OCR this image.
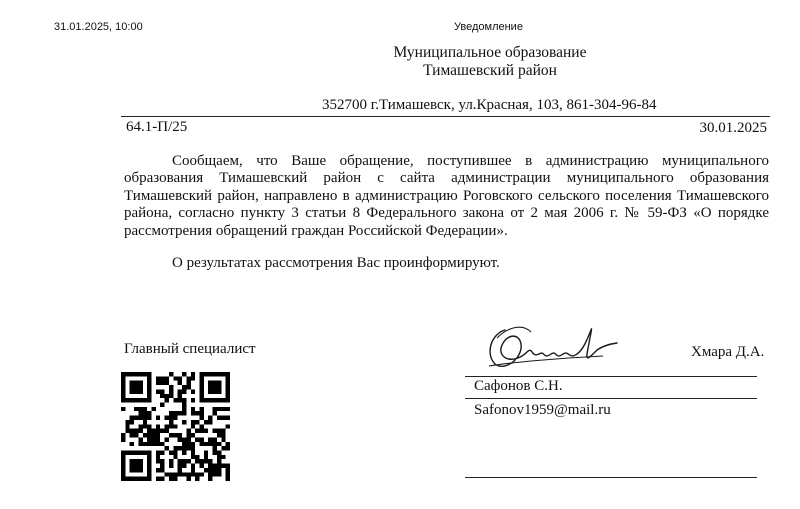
31.01.2025, 10:00	Уведомление
Муниципальное образование
Тимашевский район
352700 г.Тимашевск, ул.Красная, 103, 861-304-96-84
64.1-П/25	30.01.2025
Сообщаем, что Ваше обращение, поступившее в администрацию муниципального образования Тимашевский район с сайта администрации муниципального образования Тимашевский район, направлено в администрацию Роговского сельского поселения Тимашевского района, согласно пункту 3 статьи 8 Федерального закона от 2 мая 2006 г. № 59-ФЗ «О порядке рассмотрения обращений граждан Российской Федерации».
О результатах рассмотрения Вас проинформируют.
Главный специалист	Хмара Д.А.
Сафонов С.Н.
Safonov1959@mail.ru
